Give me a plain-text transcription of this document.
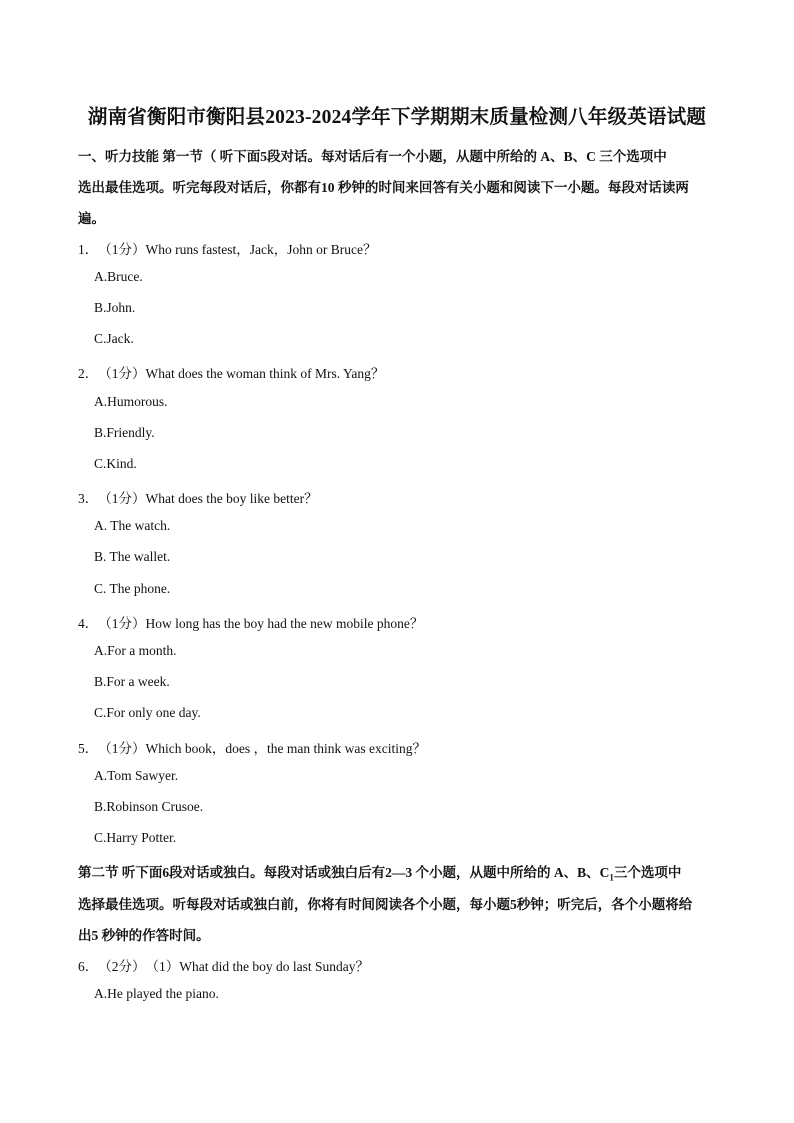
湖南省衡阳市衡阳县2023-2024学年下学期期末质量检测八年级英语试题
一、听力技能 第一节（ 听下面5段对话。每对话后有一个小题，从题中所给的 A、B、C 三个选项中
选出最佳选项。听完每段对话后，你都有10 秒钟的时间来回答有关小题和阅读下一小题。每段对话读两
遍。
1．（1分）Who runs fastest，Jack，John or Bruce？
A.Bruce.
B.John.
C.Jack.
2．（1分）What does the woman think of Mrs. Yang？
A.Humorous.
B.Friendly.
C.Kind.
3．（1分）What does the boy like better？
A. The watch.
B. The wallet.
C. The phone.
4．（1分）How long has the boy had the new mobile phone？
A.For a month.
B.For a week.
C.For only one day.
5．（1分）Which book，does ，the man think was exciting？
A.Tom Sawyer.
B.Robinson Crusoe.
C.Harry Potter.
第二节 听下面6段对话或独白。每段对话或独白后有2—3 个小题，从题中所给的 A、B、$C_1$三个选项中
选择最佳选项。听每段对话或独白前，你将有时间阅读各个小题，每小题5秒钟；听完后，各个小题将给
出5 秒钟的作答时间。
6．（2分）（1）What did the boy do last Sunday？
A.He played the piano.
